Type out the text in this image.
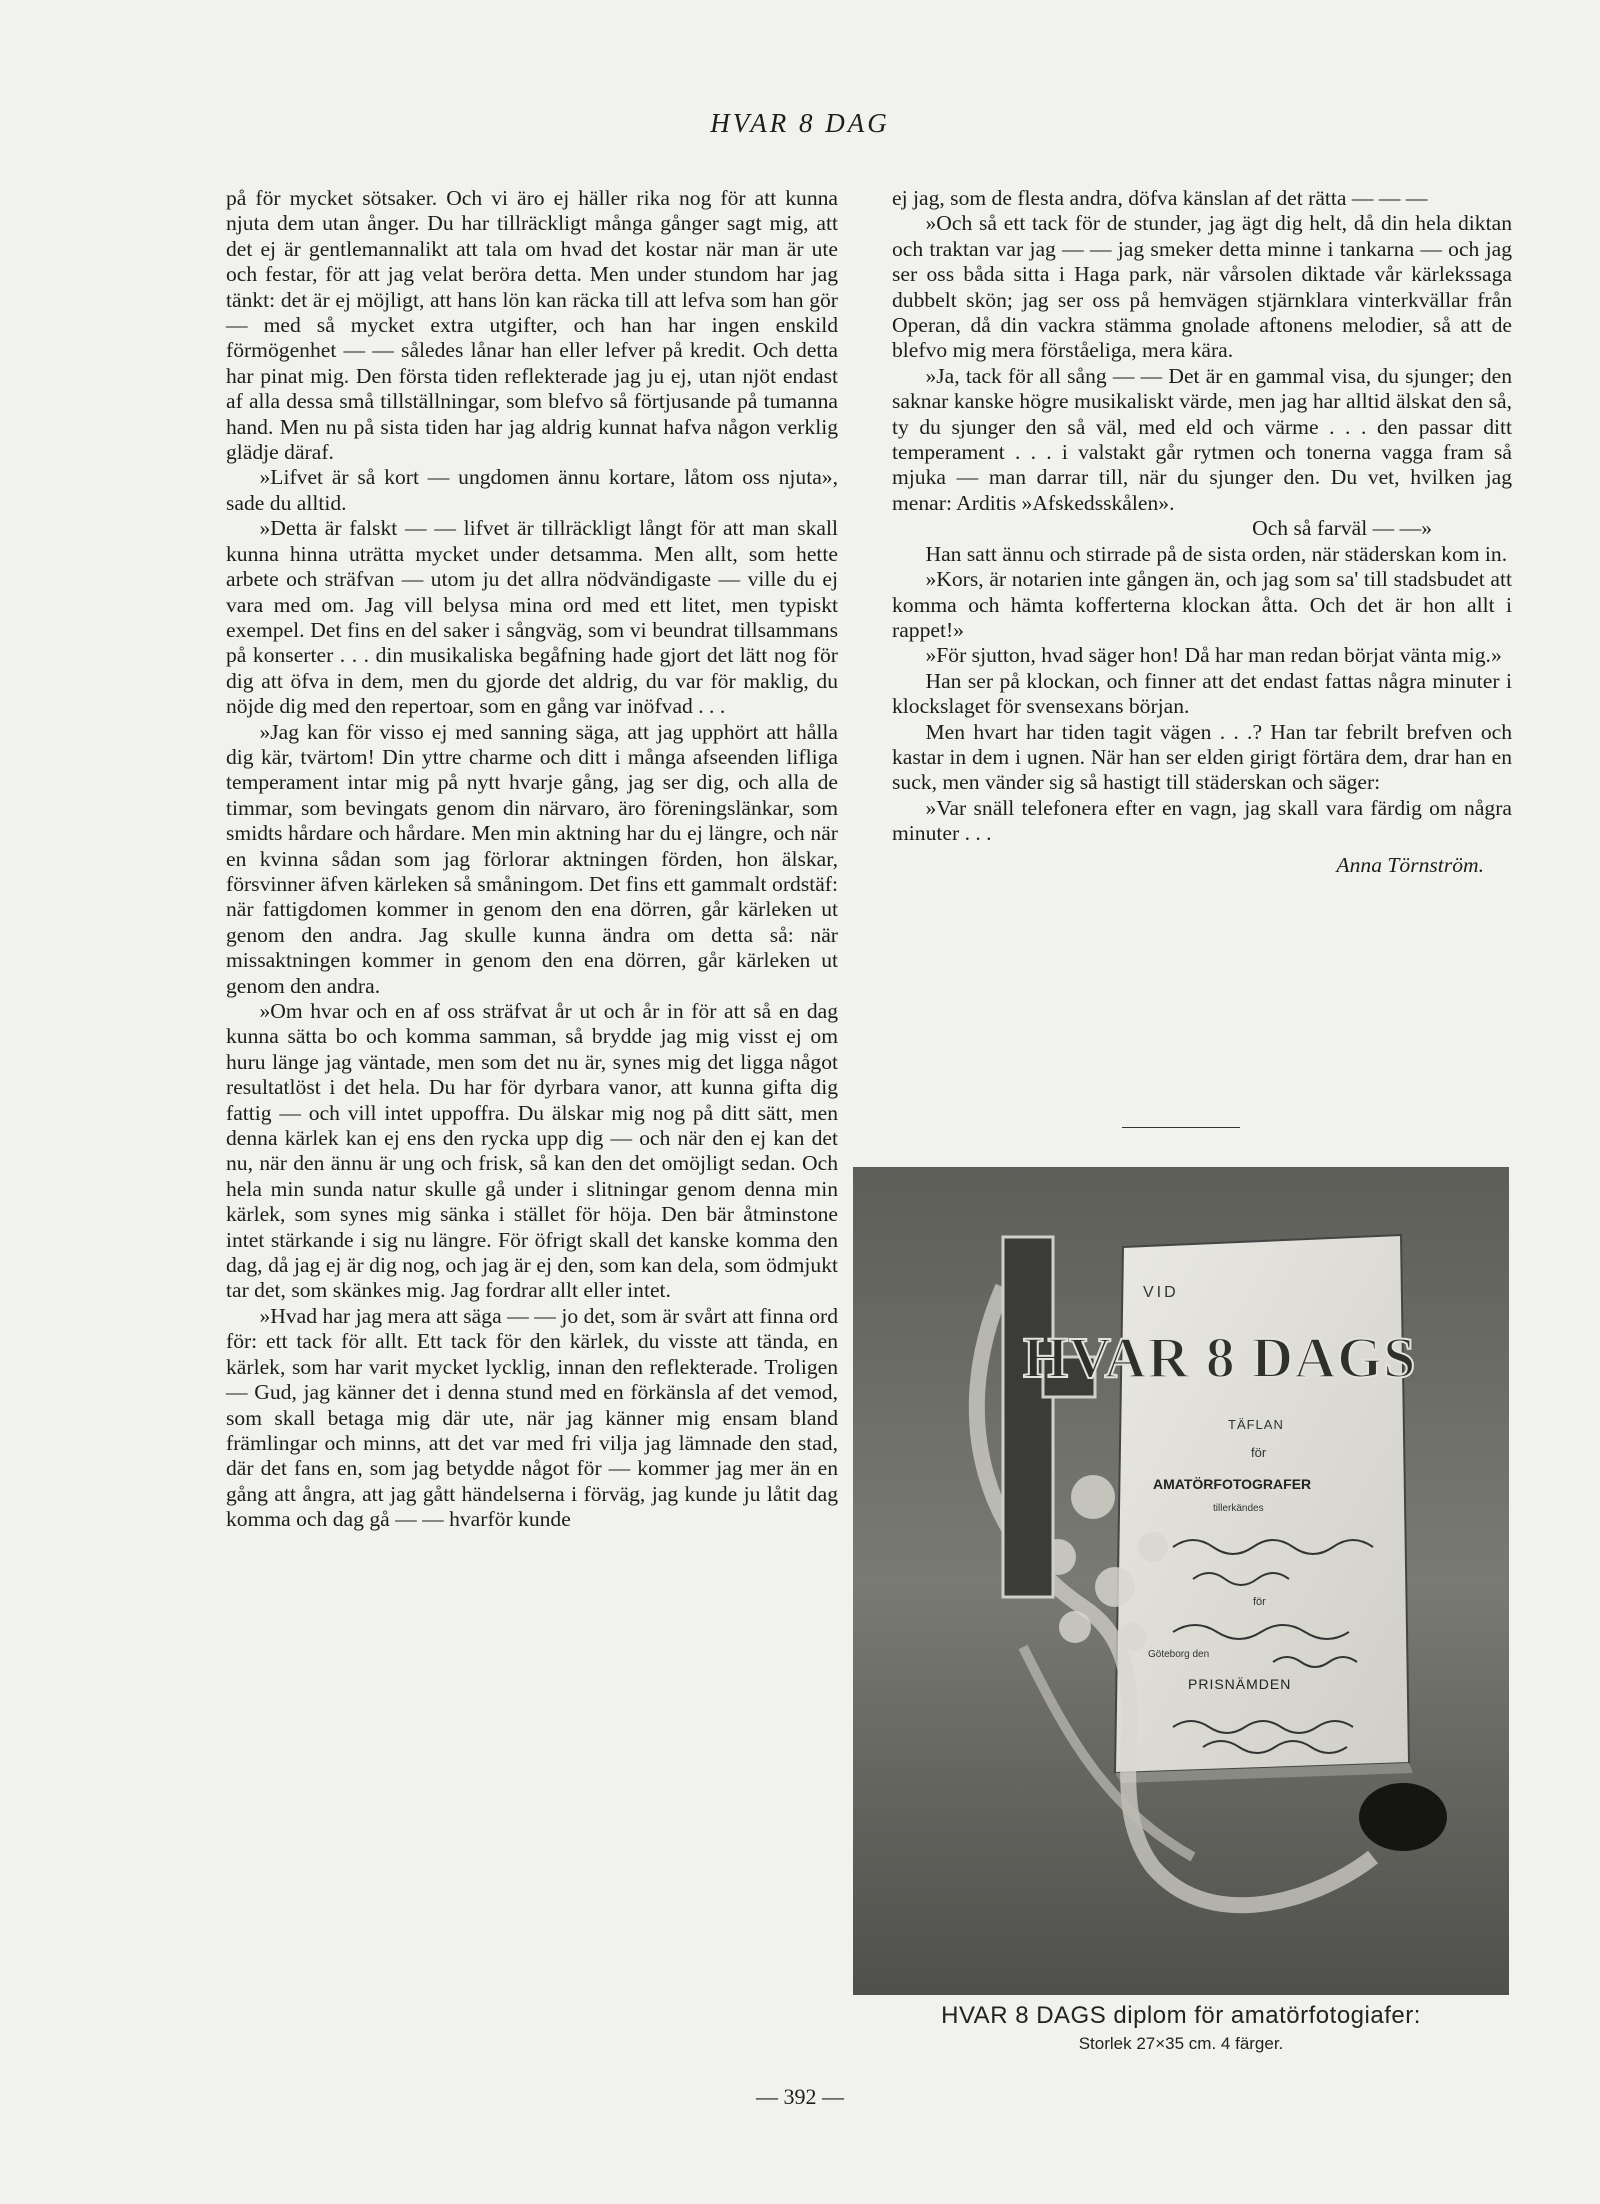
HVAR 8 DAG

på för mycket sötsaker. Och vi äro ej häller rika nog för att kunna njuta dem utan ånger. Du har tillräckligt många gånger sagt mig, att det ej är gentlemannalikt att tala om hvad det kostar när man är ute och festar, för att jag velat beröra detta. Men under stundom har jag tänkt: det är ej möjligt, att hans lön kan räcka till att lefva som han gör — med så mycket extra utgifter, och han har ingen enskild förmögenhet — — således lånar han eller lefver på kredit. Och detta har pinat mig. Den första tiden reflekterade jag ju ej, utan njöt endast af alla dessa små tillställningar, som blefvo så förtjusande på tumanna hand. Men nu på sista tiden har jag aldrig kunnat hafva någon verklig glädje däraf.

»Lifvet är så kort — ungdomen ännu kortare, låtom oss njuta», sade du alltid.

»Detta är falskt — — lifvet är tillräckligt långt för att man skall kunna hinna uträtta mycket under detsamma. Men allt, som hette arbete och sträfvan — utom ju det allra nödvändigaste — ville du ej vara med om. Jag vill belysa mina ord med ett litet, men typiskt exempel. Det fins en del saker i sångväg, som vi beundrat tillsammans på konserter . . . din musikaliska begåfning hade gjort det lätt nog för dig att öfva in dem, men du gjorde det aldrig, du var för maklig, du nöjde dig med den repertoar, som en gång var inöfvad . . .

»Jag kan för visso ej med sanning säga, att jag upphört att hålla dig kär, tvärtom! Din yttre charme och ditt i många afseenden lifliga temperament intar mig på nytt hvarje gång, jag ser dig, och alla de timmar, som bevingats genom din närvaro, äro föreningslänkar, som smidts hårdare och hårdare. Men min aktning har du ej längre, och när en kvinna sådan som jag förlorar aktningen förden, hon älskar, försvinner äfven kärleken så småningom. Det fins ett gammalt ordstäf: när fattigdomen kommer in genom den ena dörren, går kärleken ut genom den andra. Jag skulle kunna ändra om detta så: när missaktningen kommer in genom den ena dörren, går kärleken ut genom den andra.

»Om hvar och en af oss sträfvat år ut och år in för att så en dag kunna sätta bo och komma samman, så brydde jag mig visst ej om huru länge jag väntade, men som det nu är, synes mig det ligga något resultatlöst i det hela. Du har för dyrbara vanor, att kunna gifta dig fattig — och vill intet uppoffra. Du älskar mig nog på ditt sätt, men denna kärlek kan ej ens den rycka upp dig — och när den ej kan det nu, när den ännu är ung och frisk, så kan den det omöjligt sedan. Och hela min sunda natur skulle gå under i slitningar genom denna min kärlek, som synes mig sänka i stället för höja. Den bär åtminstone intet stärkande i sig nu längre. För öfrigt skall det kanske komma den dag, då jag ej är dig nog, och jag är ej den, som kan dela, som ödmjukt tar det, som skänkes mig. Jag fordrar allt eller intet.

»Hvad har jag mera att säga — — jo det, som är svårt att finna ord för: ett tack för allt. Ett tack för den kärlek, du visste att tända, en kärlek, som har varit mycket lycklig, innan den reflekterade. Troligen — Gud, jag känner det i denna stund med en förkänsla af det vemod, som skall betaga mig där ute, när jag känner mig ensam bland främlingar och minns, att det var med fri vilja jag lämnade den stad, där det fans en, som jag betydde något för — kommer jag mer än en gång att ångra, att jag gått händelserna i förväg, jag kunde ju låtit dag komma och dag gå — — hvarför kunde

ej jag, som de flesta andra, döfva känslan af det rätta — — —

»Och så ett tack för de stunder, jag ägt dig helt, då din hela diktan och traktan var jag — — jag smeker detta minne i tankarna — och jag ser oss båda sitta i Haga park, när vårsolen diktade vår kärlekssaga dubbelt skön; jag ser oss på hemvägen stjärnklara vinterkvällar från Operan, då din vackra stämma gnolade aftonens melodier, så att de blefvo mig mera förståeliga, mera kära.

»Ja, tack för all sång — — Det är en gammal visa, du sjunger; den saknar kanske högre musikaliskt värde, men jag har alltid älskat den så, ty du sjunger den så väl, med eld och värme . . . den passar ditt temperament . . . i valstakt går rytmen och tonerna vagga fram så mjuka — man darrar till, när du sjunger den. Du vet, hvilken jag menar: Arditis »Afskedsskålen».

Och så farväl — —»

Han satt ännu och stirrade på de sista orden, när städerskan kom in.

»Kors, är notarien inte gången än, och jag som sa' till stadsbudet att komma och hämta kofferterna klockan åtta. Och det är hon allt i rappet!»

»För sjutton, hvad säger hon! Då har man redan börjat vänta mig.»

Han ser på klockan, och finner att det endast fattas några minuter i klockslaget för svensexans början.

Men hvart har tiden tagit vägen . . .? Han tar febrilt brefven och kastar in dem i ugnen. När han ser elden girigt förtära dem, drar han en suck, men vänder sig så hastigt till städerskan och säger:

»Var snäll telefonera efter en vagn, jag skall vara färdig om några minuter . . .

Anna Törnström.

VID
HVAR 8 DAGS
TÄFLAN
för
AMATÖRFOTOGRAFER
tillerkändes
för
Göteborg den
PRISNÄMDEN
HVAR 8 DAGS diplom för amatörfotogiafer:
Storlek 27×35 cm. 4 färger.
— 392 —
